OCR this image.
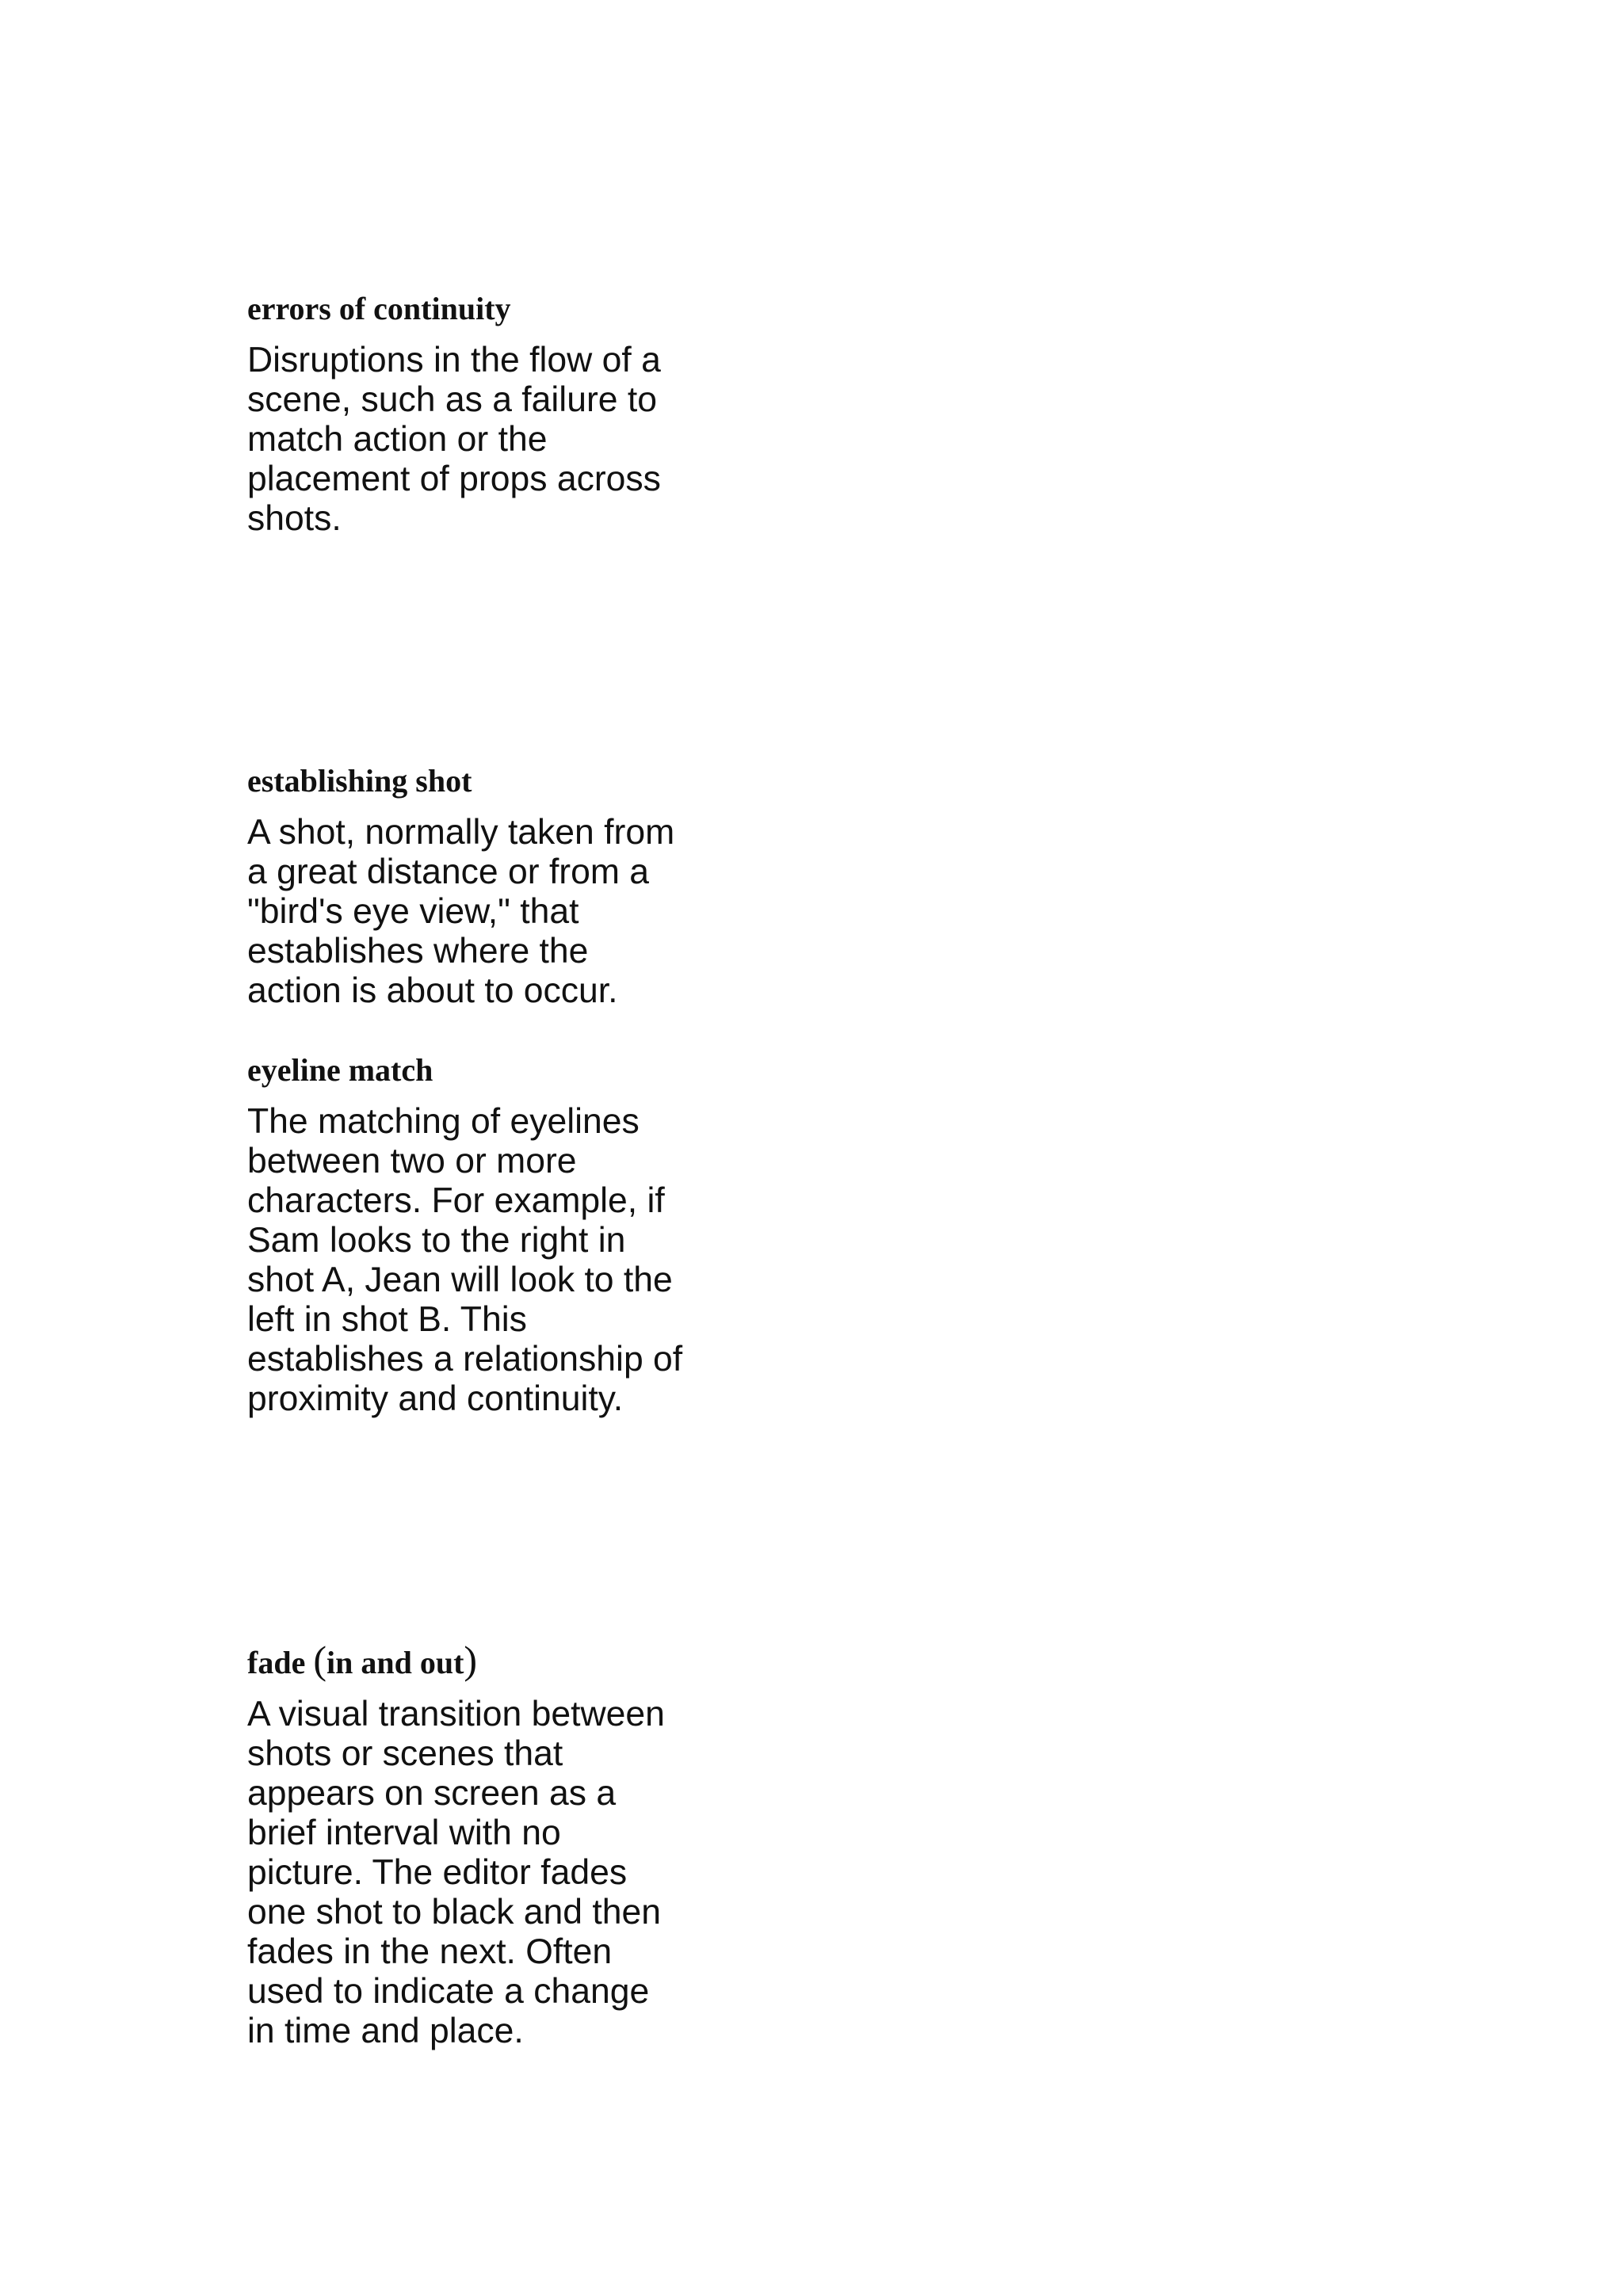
errors of continuity

Disruptions in the flow of a
scene, such as a failure to
match action or the
placement of props across
shots.

establishing shot

A shot, normally taken from
a great distance or from a
"bird's eye view," that
establishes where the
action is about to occur.

eyeline match

The matching of eyelines
between two or more
characters. For example, if
Sam looks to the right in
shot A, Jean will look to the
left in shot B. This
establishes a relationship of
proximity and continuity.

fade (in and out)

A visual transition between
shots or scenes that
appears on screen as a
brief interval with no
picture. The editor fades
one shot to black and then
fades in the next. Often
used to indicate a change
in time and place.
